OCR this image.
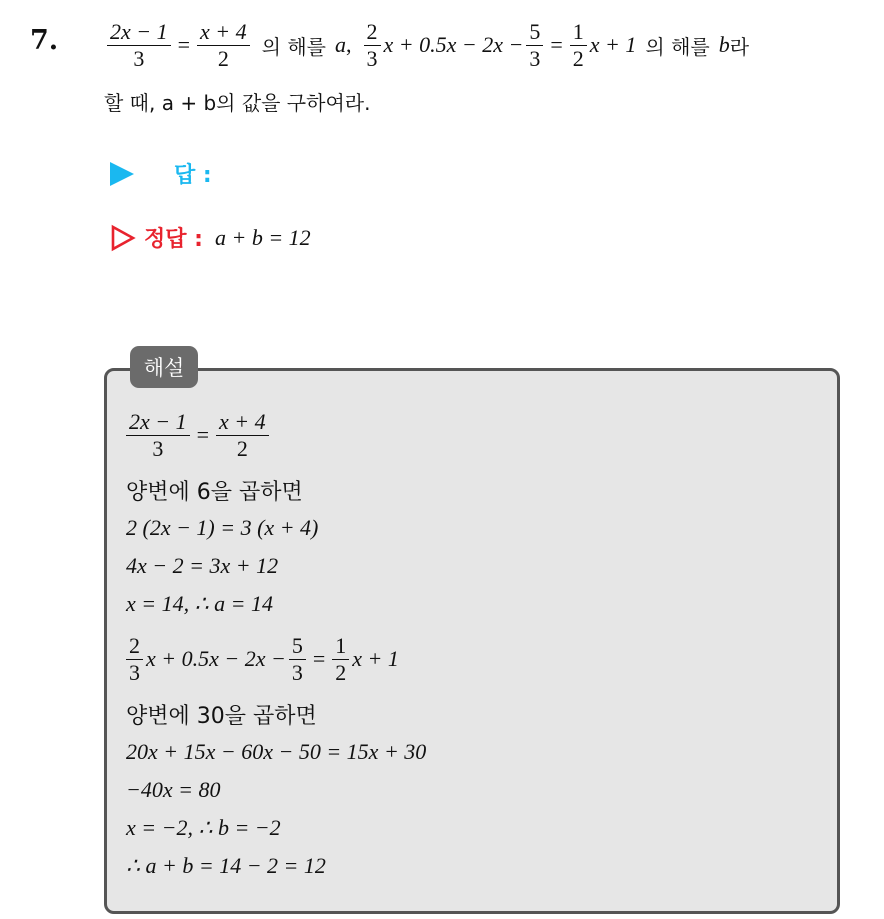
7. $\frac{2x - 1}{3} = \frac{x + 4}{2}$ 의 해를 a , $\frac{2}{3}$ $x + 0.5x - 2x - \frac{5}{3} = \frac{1}{2}$ x + 1 의 해를 b 라
할 때, a + b의 값을 구하여라.
답 :
정답 : a + b = 12
해설
$\frac{2x - 1}{3} = \frac{x + 4}{2}$
양변에 6을 곱하면
2 (2x − 1) = 3 (x + 4)
4x − 2 = 3x + 12
x = 14, ∴ a = 14
$\frac{2}{3}$ $x + 0.5x - 2x - \frac{5}{3} = \frac{1}{2}$ x + 1
양변에 30을 곱하면
20x + 15x − 60x − 50 = 15x + 30
−40x = 80
x = −2, ∴ b = −2
∴ a + b = 14 − 2 = 12
